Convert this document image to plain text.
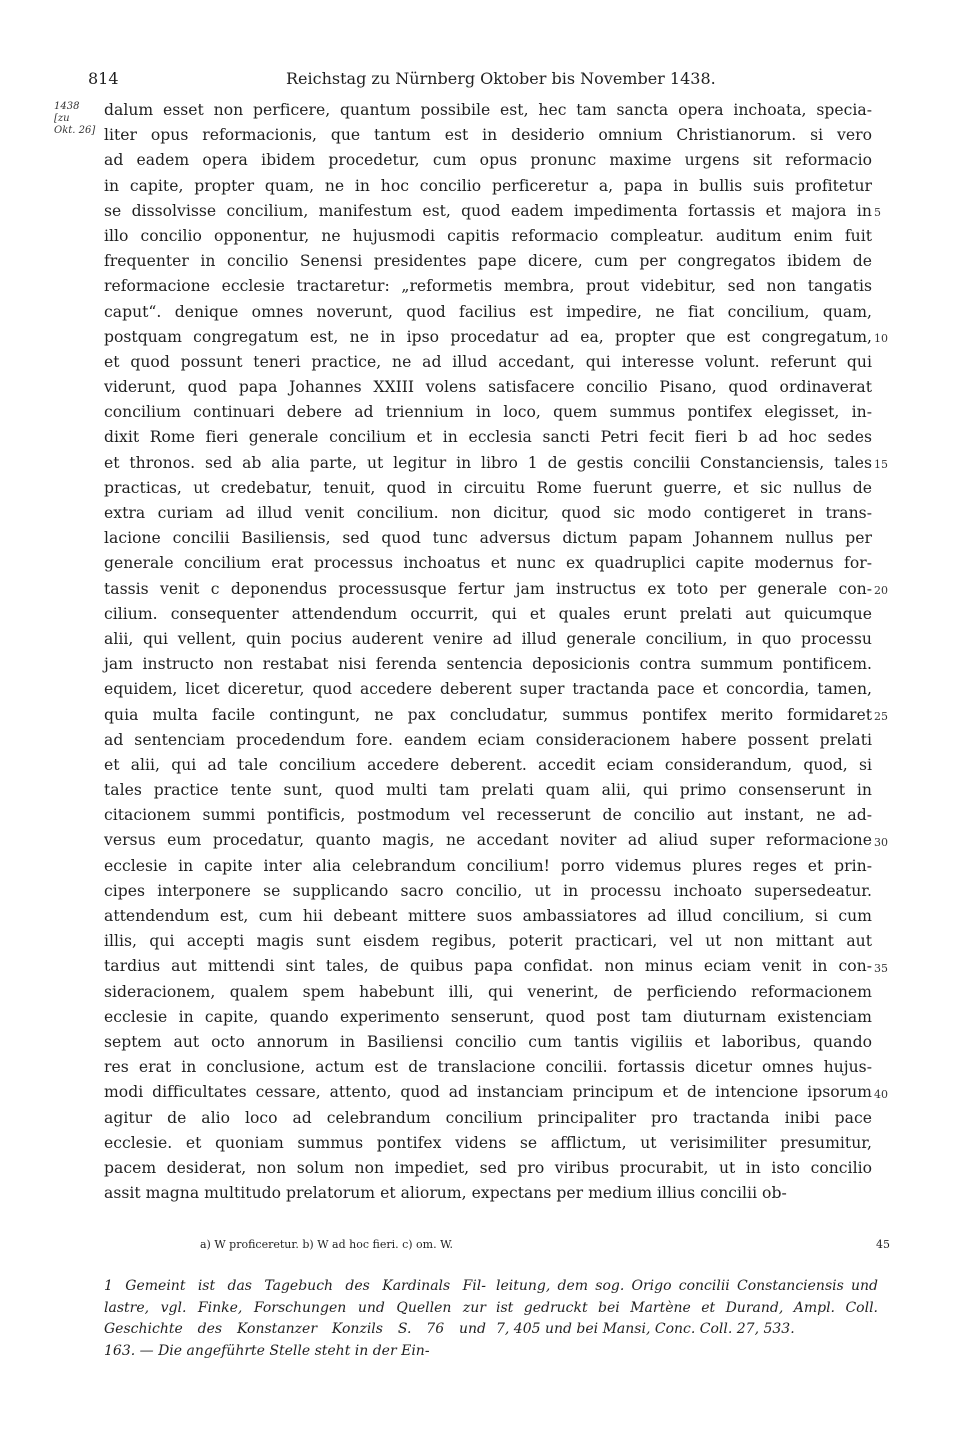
814	Reichstag zu Nürnberg Oktober bis November 1438.
1438
[zu
Okt. 26]
dalum esset non perficere, quantum possibile est, hec tam sancta opera inchoata, specia-
liter opus reformacionis, que tantum est in desiderio omnium Christianorum. si vero
ad eadem opera ibidem procedetur, cum opus pronunc maxime urgens sit reformacio
in capite, propter quam, ne in hoc concilio perficeretur a, papa in bullis suis profitetur
se dissolvisse concilium, manifestum est, quod eadem impedimenta fortassis et majora in
illo concilio opponentur, ne hujusmodi capitis reformacio compleatur. auditum enim fuit
frequenter in concilio Senensi presidentes pape dicere, cum per congregatos ibidem de
reformacione ecclesie tractaretur: „reformetis membra, prout videbitur, sed non tangatis
caput“. denique omnes noverunt, quod facilius est impedire, ne fiat concilium, quam,
postquam congregatum est, ne in ipso procedatur ad ea, propter que est congregatum,
et quod possunt teneri practice, ne ad illud accedant, qui interesse volunt. referunt qui
viderunt, quod papa Johannes XXIII volens satisfacere concilio Pisano, quod ordinaverat
concilium continuari debere ad triennium in loco, quem summus pontifex elegisset, in-
dixit Rome fieri generale concilium et in ecclesia sancti Petri fecit fieri b ad hoc sedes
et thronos. sed ab alia parte, ut legitur in libro 1 de gestis concilii Constanciensis, tales
practicas, ut credebatur, tenuit, quod in circuitu Rome fuerunt guerre, et sic nullus de
extra curiam ad illud venit concilium. non dicitur, quod sic modo contigeret in trans-
lacione concilii Basiliensis, sed quod tunc adversus dictum papam Johannem nullus per
generale concilium erat processus inchoatus et nunc ex quadruplici capite modernus for-
tassis venit c deponendus processusque fertur jam instructus ex toto per generale con-
cilium. consequenter attendendum occurrit, qui et quales erunt prelati aut quicumque
alii, qui vellent, quin pocius auderent venire ad illud generale concilium, in quo processu
jam instructo non restabat nisi ferenda sentencia deposicionis contra summum pontificem.
equidem, licet diceretur, quod accedere deberent super tractanda pace et concordia, tamen,
quia multa facile contingunt, ne pax concludatur, summus pontifex merito formidaret
ad sentenciam procedendum fore. eandem eciam consideracionem habere possent prelati
et alii, qui ad tale concilium accedere deberent. accedit eciam considerandum, quod, si
tales practice tente sunt, quod multi tam prelati quam alii, qui primo consenserunt in
citacionem summi pontificis, postmodum vel recesserunt de concilio aut instant, ne ad-
versus eum procedatur, quanto magis, ne accedant noviter ad aliud super reformacione
ecclesie in capite inter alia celebrandum concilium! porro videmus plures reges et prin-
cipes interponere se supplicando sacro concilio, ut in processu inchoato supersedeatur.
attendendum est, cum hii debeant mittere suos ambassiatores ad illud concilium, si cum
illis, qui accepti magis sunt eisdem regibus, poterit practicari, vel ut non mittant aut
tardius aut mittendi sint tales, de quibus papa confidat. non minus eciam venit in con-
sideracionem, qualem spem habebunt illi, qui venerint, de perficiendo reformacionem
ecclesie in capite, quando experimento senserunt, quod post tam diuturnam existenciam
septem aut octo annorum in Basiliensi concilio cum tantis vigiliis et laboribus, quando
res erat in conclusione, actum est de translacione concilii. fortassis dicetur omnes hujus-
modi difficultates cessare, attento, quod ad instanciam principum et de intencione ipsorum
agitur de alio loco ad celebrandum concilium principaliter pro tractanda inibi pace
ecclesie. et quoniam summus pontifex videns se afflictum, ut verisimiliter presumitur,
pacem desiderat, non solum non impediet, sed pro viribus procurabit, ut in isto concilio
assit magna multitudo prelatorum et aliorum, expectans per medium illius concilii ob-
5
10
15
20
25
30
35
40
a) W proficeretur. b) W ad hoc fieri. c) om. W.	45
1 Gemeint ist das Tagebuch des Kardinals Fil-
lastre, vgl. Finke, Forschungen und Quellen zur
Geschichte des Konstanzer Konzils S. 76 und
163. — Die angeführte Stelle steht in der Ein-
leitung, dem sog. Origo concilii Constanciensis und
ist gedruckt bei Martène et Durand, Ampl. Coll.
7, 405 und bei Mansi, Conc. Coll. 27, 533.
